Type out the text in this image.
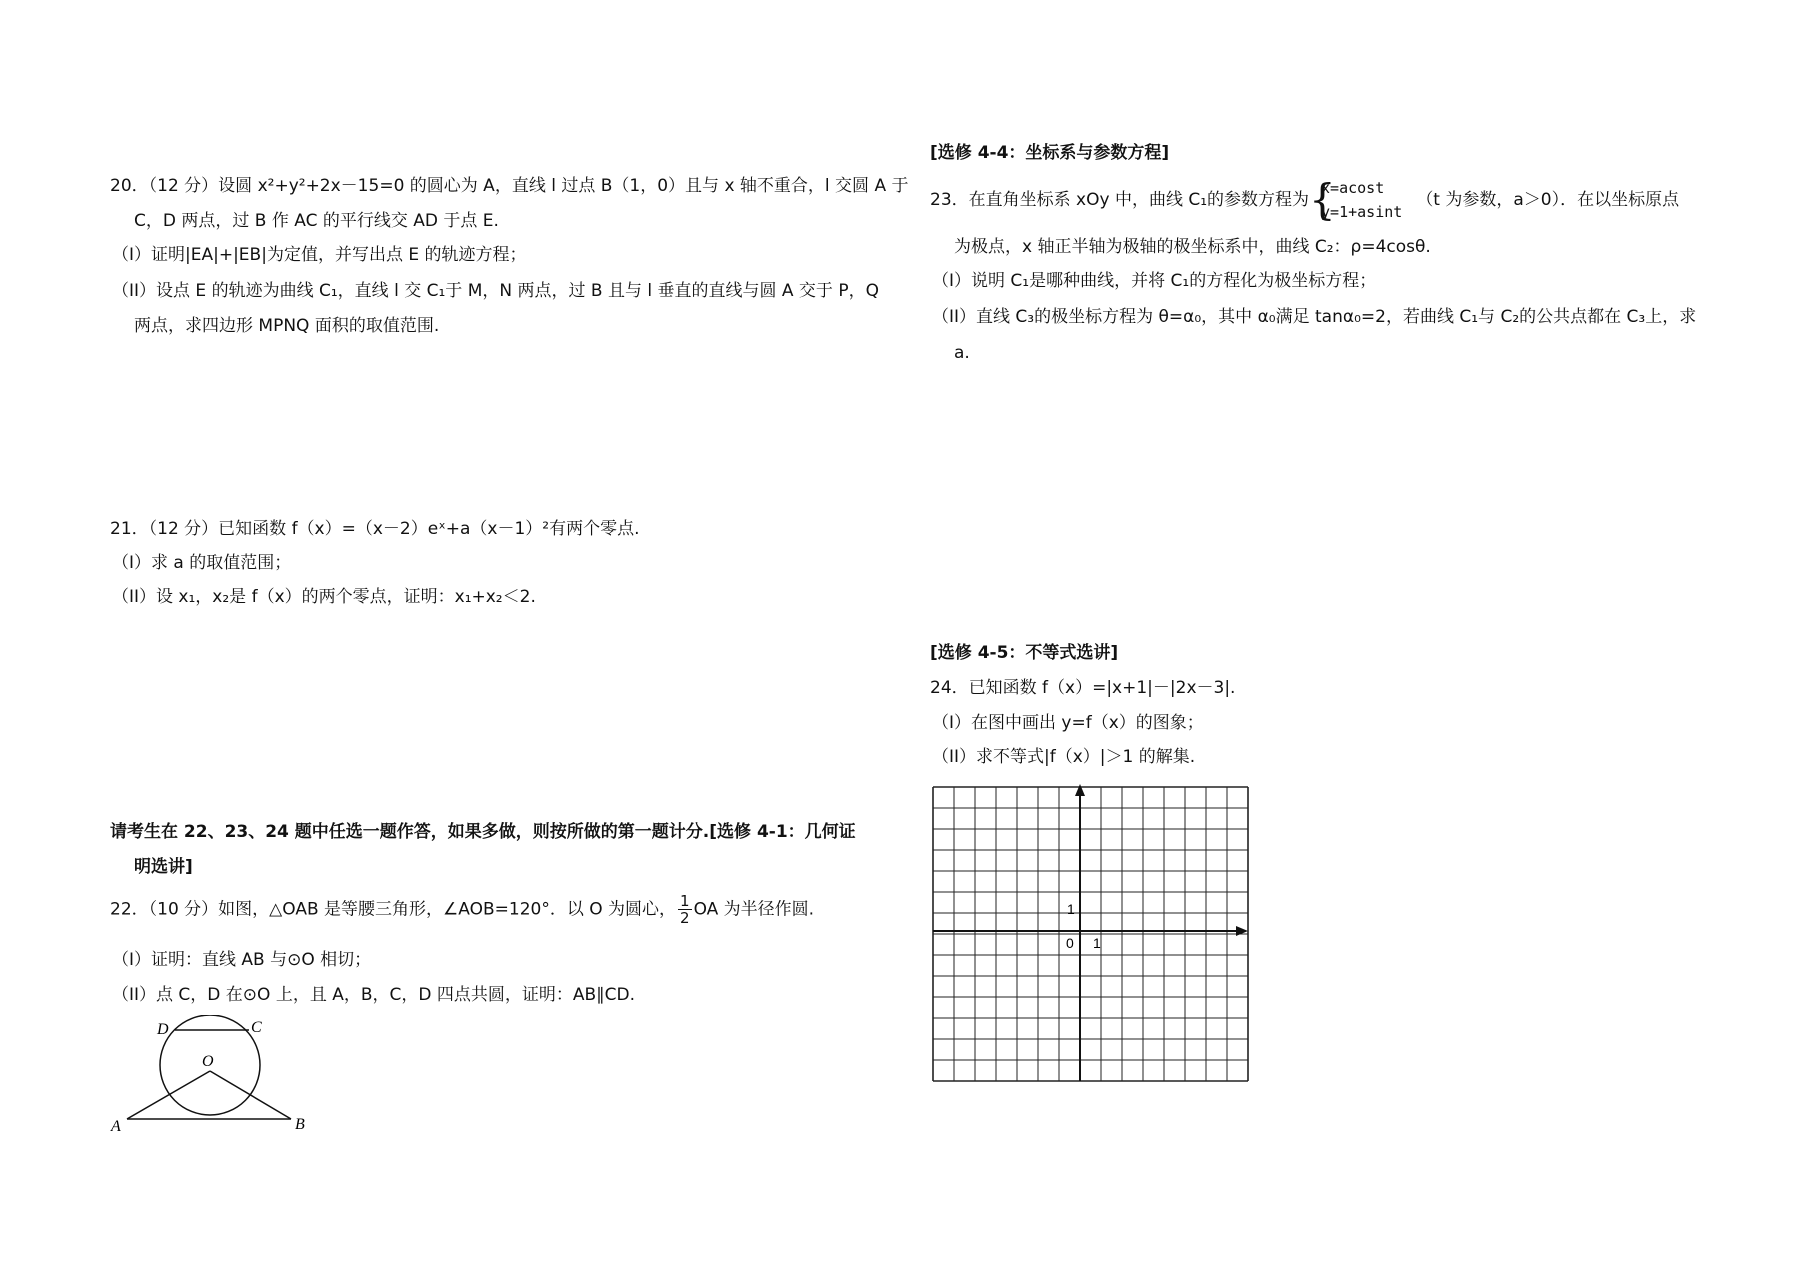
20．（12 分）设圆 x²+y²+2x－15=0 的圆心为 A，直线 l 过点 B（1，0）且与 x 轴不重合，l 交圆 A 于
C，D 两点，过 B 作 AC 的平行线交 AD 于点 E.
（I）证明|EA|+|EB|为定值，并写出点 E 的轨迹方程；
（II）设点 E 的轨迹为曲线 C₁，直线 l 交 C₁于 M，N 两点，过 B 且与 l 垂直的直线与圆 A 交于 P，Q
两点，求四边形 MPNQ 面积的取值范围.
21．（12 分）已知函数 f（x）=（x－2）eˣ+a（x－1）²有两个零点.
（I）求 a 的取值范围；
（II）设 x₁，x₂是 f（x）的两个零点，证明：x₁+x₂＜2.
请考生在 22、23、24 题中任选一题作答，如果多做，则按所做的第一题计分.[选修 4-1：几何证
明选讲]
22．（10 分）如图，△OAB 是等腰三角形，∠AOB=120°．以 O 为圆心， $\frac{1}{2}$ OA 为半径作圆.
（I）证明：直线 AB 与⊙O 相切；
（II）点 C，D 在⊙O 上，且 A，B，C，D 四点共圆，证明：AB∥CD.
D	C
O
A	B
[选修 4-4：坐标系与参数方程]
23．在直角坐标系 xOy 中，曲线 C₁的参数方程为 {
x=acost
y=1+asint
（t 为参数，a＞0）．在以坐标原点
为极点，x 轴正半轴为极轴的极坐标系中，曲线 C₂：ρ=4cosθ.
（I）说明 C₁是哪种曲线，并将 C₁的方程化为极坐标方程；
（II）直线 C₃的极坐标方程为 θ=α₀，其中 α₀满足 tanα₀=2，若曲线 C₁与 C₂的公共点都在 C₃上，求
a.
[选修 4-5：不等式选讲]
24．已知函数 f（x）=|x+1|－|2x－3|.
（I）在图中画出 y=f（x）的图象；
（II）求不等式|f（x）|＞1 的解集.
1
0 1
